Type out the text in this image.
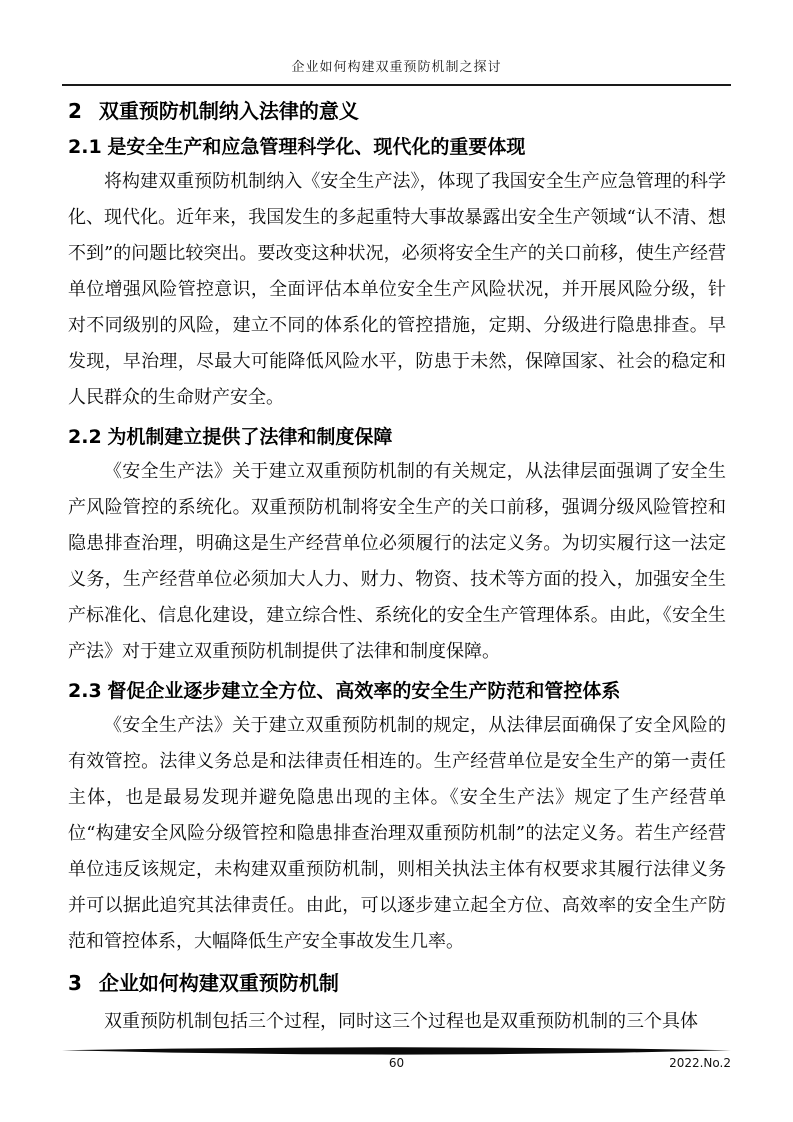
企业如何构建双重预防机制之探讨
2 双重预防机制纳入法律的意义
2.1 是安全生产和应急管理科学化、现代化的重要体现

将构建双重预防机制纳入《安全生产法》，体现了我国安全生产应急管理的科学化、现代化。近年来，我国发生的多起重特大事故暴露出安全生产领域“认不清、想不到”的问题比较突出。要改变这种状况，必须将安全生产的关口前移，使生产经营单位增强风险管控意识，全面评估本单位安全生产风险状况，并开展风险分级，针对不同级别的风险，建立不同的体系化的管控措施，定期、分级进行隐患排查。早发现，早治理，尽最大可能降低风险水平，防患于未然，保障国家、社会的稳定和人民群众的生命财产安全。

2.2 为机制建立提供了法律和制度保障

《安全生产法》关于建立双重预防机制的有关规定，从法律层面强调了安全生产风险管控的系统化。双重预防机制将安全生产的关口前移，强调分级风险管控和隐患排查治理，明确这是生产经营单位必须履行的法定义务。为切实履行这一法定义务，生产经营单位必须加大人力、财力、物资、技术等方面的投入，加强安全生产标准化、信息化建设，建立综合性、系统化的安全生产管理体系。由此，《安全生产法》对于建立双重预防机制提供了法律和制度保障。

2.3 督促企业逐步建立全方位、高效率的安全生产防范和管控体系

《安全生产法》关于建立双重预防机制的规定，从法律层面确保了安全风险的有效管控。法律义务总是和法律责任相连的。生产经营单位是安全生产的第一责任主体，也是最易发现并避免隐患出现的主体。《安全生产法》规定了生产经营单位“构建安全风险分级管控和隐患排查治理双重预防机制”的法定义务。若生产经营单位违反该规定，未构建双重预防机制，则相关执法主体有权要求其履行法律义务并可以据此追究其法律责任。由此，可以逐步建立起全方位、高效率的安全生产防范和管控体系，大幅降低生产安全事故发生几率。

3 企业如何构建双重预防机制

双重预防机制包括三个过程，同时这三个过程也是双重预防机制的三个具体

60	2022.No.2
